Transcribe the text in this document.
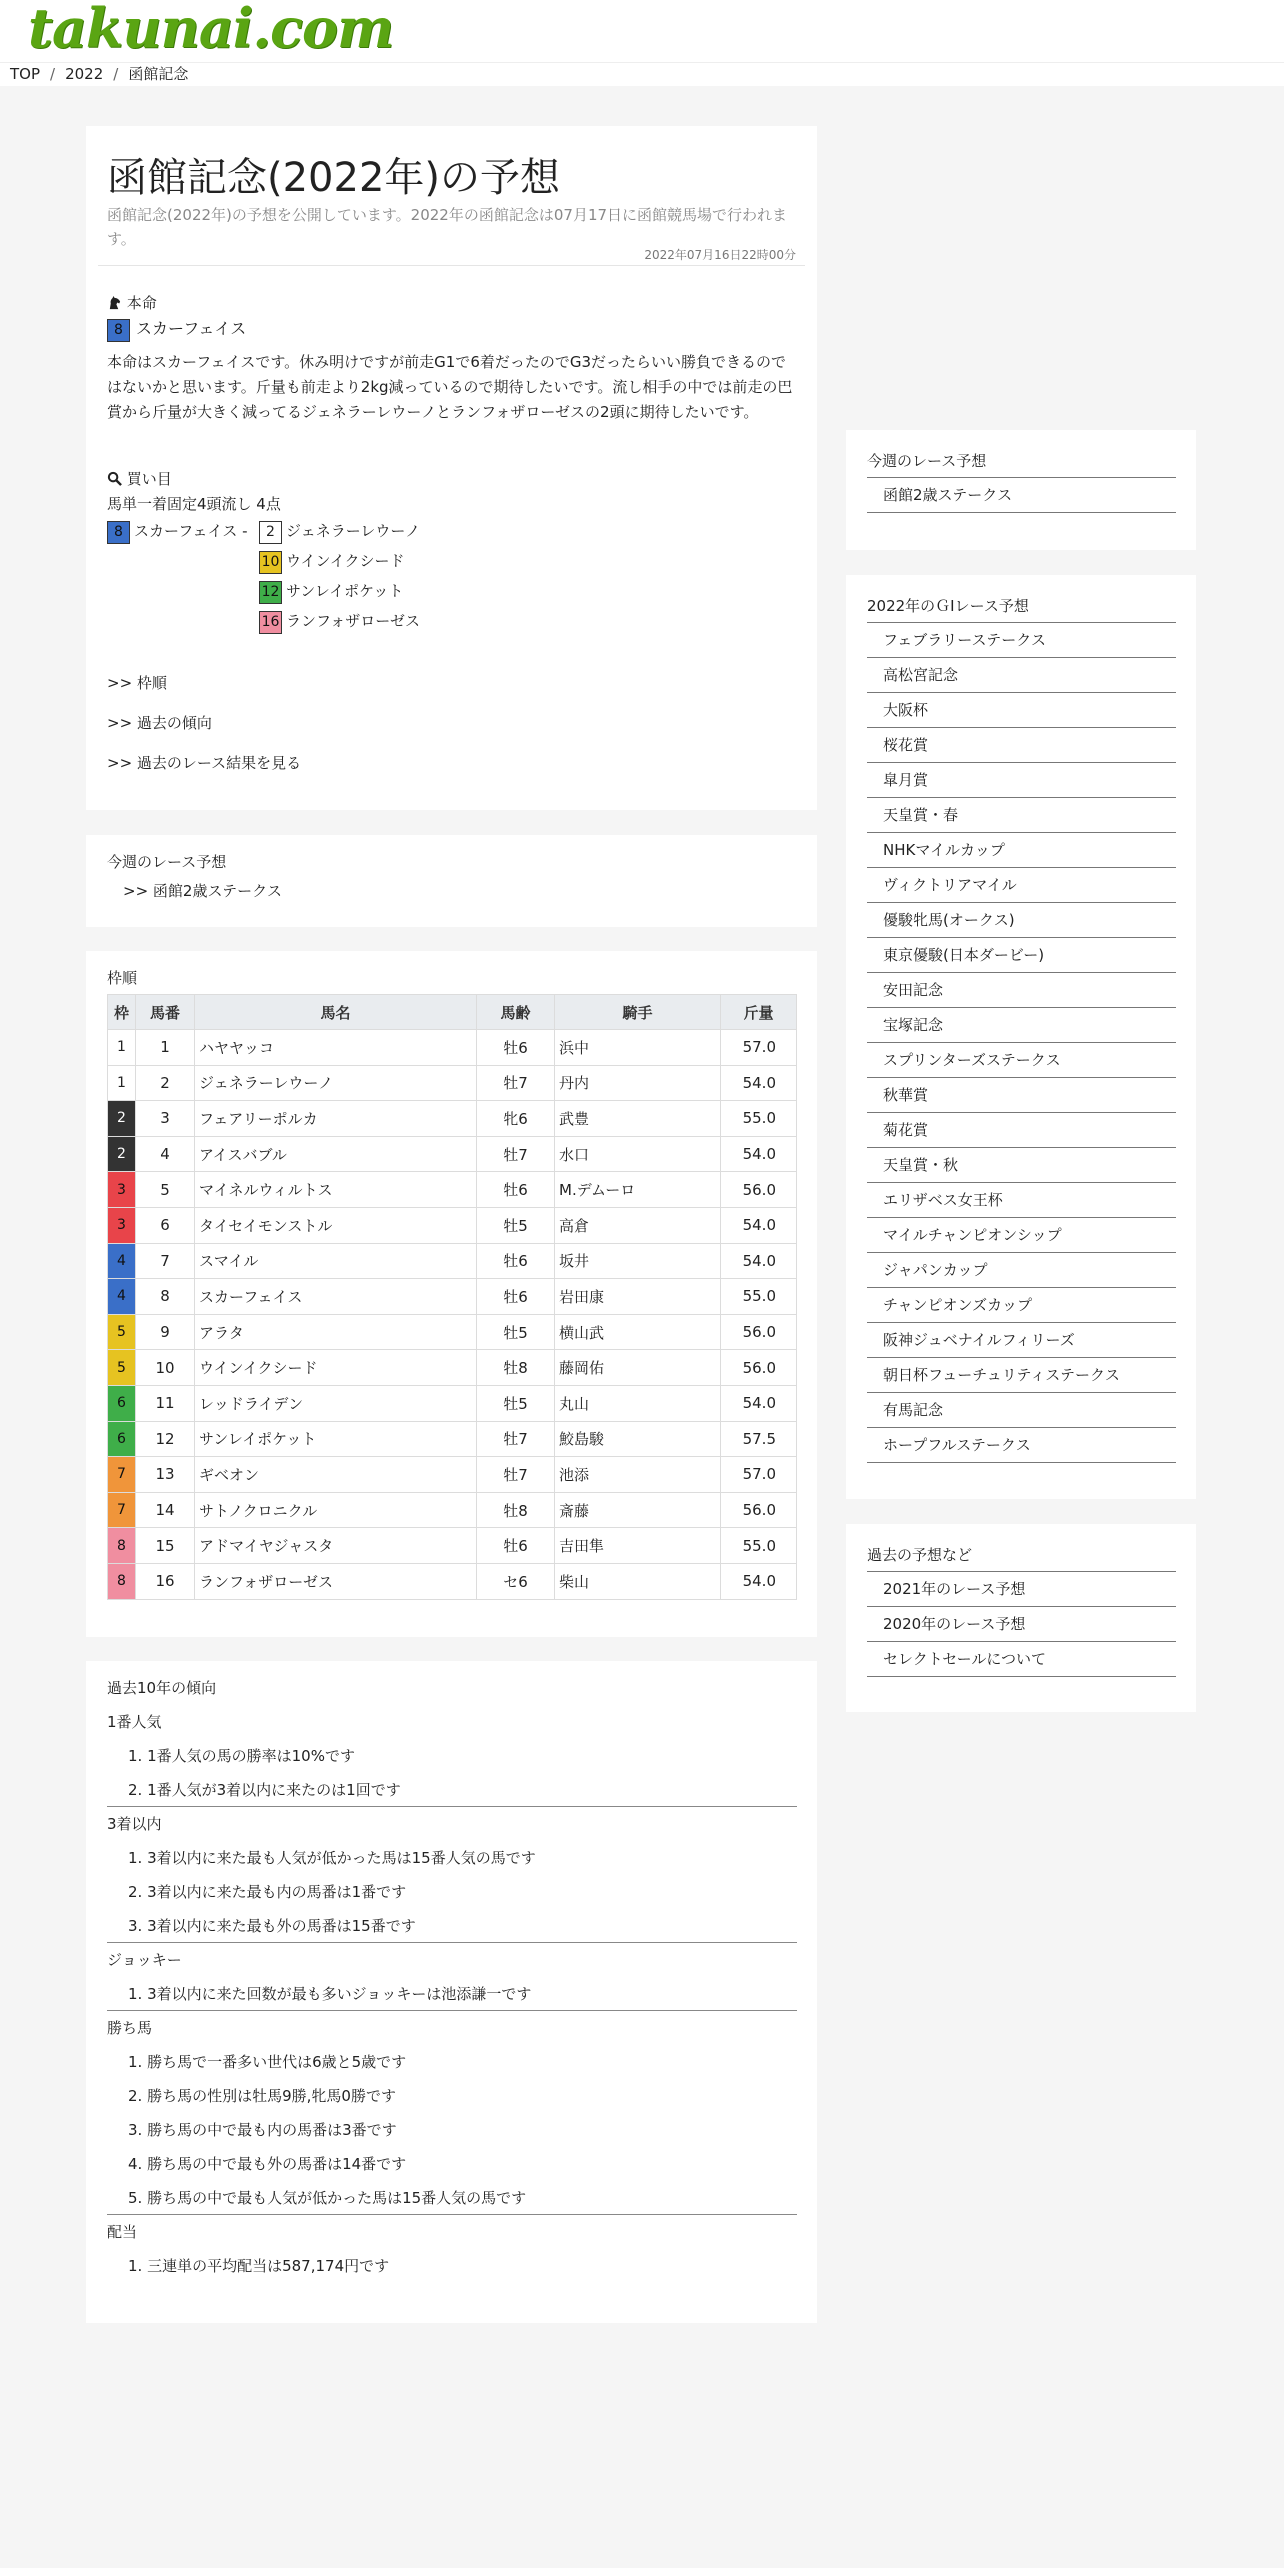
takunai.com
TOP / 2022 / 函館記念
函館記念(2022年)の予想

函館記念(2022年)の予想を公開しています。2022年の函館記念は07月17日に函館競馬場で行われます。

2022年07月16日22時00分
本命
8 スカーフェイス

本命はスカーフェイスです。休み明けですが前走G1で6着だったのでG3だったらいい勝負できるのではないかと思います。斤量も前走より2kg減っているので期待したいです。流し相手の中では前走の巴賞から斤量が大きく減ってるジェネラーレウーノとランフォザローゼスの2頭に期待したいです。

買い目
馬単一着固定4頭流し 4点
8 スカーフェイス -	2 ジェネラーレウーノ
10 ウインイクシード
12 サンレイポケット
16 ランフォザローゼス
>> 枠順
>> 過去の傾向
>> 過去のレース結果を見る
今週のレース予想
>> 函館2歳ステークス
枠順
枠	馬番	馬名	馬齢	騎手	斤量
1	1	ハヤヤッコ	牡6	浜中	57.0
1	2	ジェネラーレウーノ	牡7	丹内	54.0
2	3	フェアリーポルカ	牝6	武豊	55.0
2	4	アイスバブル	牡7	水口	54.0
3	5	マイネルウィルトス	牡6	M.デムーロ	56.0
3	6	タイセイモンストル	牡5	高倉	54.0
4	7	スマイル	牡6	坂井	54.0
4	8	スカーフェイス	牡6	岩田康	55.0
5	9	アラタ	牡5	横山武	56.0
5	10	ウインイクシード	牡8	藤岡佑	56.0
6	11	レッドライデン	牡5	丸山	54.0
6	12	サンレイポケット	牡7	鮫島駿	57.5
7	13	ギベオン	牡7	池添	57.0
7	14	サトノクロニクル	牡8	斎藤	56.0
8	15	アドマイヤジャスタ	牡6	吉田隼	55.0
8	16	ランフォザローゼス	セ6	柴山	54.0
過去10年の傾向
1番人気
1. 1番人気の馬の勝率は10%です
2. 1番人気が3着以内に来たのは1回です
3着以内
1. 3着以内に来た最も人気が低かった馬は15番人気の馬です
2. 3着以内に来た最も内の馬番は1番です
3. 3着以内に来た最も外の馬番は15番です
ジョッキー
1. 3着以内に来た回数が最も多いジョッキーは池添謙一です
勝ち馬
1. 勝ち馬で一番多い世代は6歳と5歳です
2. 勝ち馬の性別は牡馬9勝,牝馬0勝です
3. 勝ち馬の中で最も内の馬番は3番です
4. 勝ち馬の中で最も外の馬番は14番です
5. 勝ち馬の中で最も人気が低かった馬は15番人気の馬です
配当
1. 三連単の平均配当は587,174円です
今週のレース予想
函館2歳ステークス
2022年のＧⅠレース予想
フェブラリーステークス
高松宮記念
大阪杯
桜花賞
皐月賞
天皇賞・春
NHKマイルカップ
ヴィクトリアマイル
優駿牝馬(オークス)
東京優駿(日本ダービー)
安田記念
宝塚記念
スプリンターズステークス
秋華賞
菊花賞
天皇賞・秋
エリザベス女王杯
マイルチャンピオンシップ
ジャパンカップ
チャンピオンズカップ
阪神ジュベナイルフィリーズ
朝日杯フューチュリティステークス
有馬記念
ホープフルステークス
過去の予想など
2021年のレース予想
2020年のレース予想
セレクトセールについて
